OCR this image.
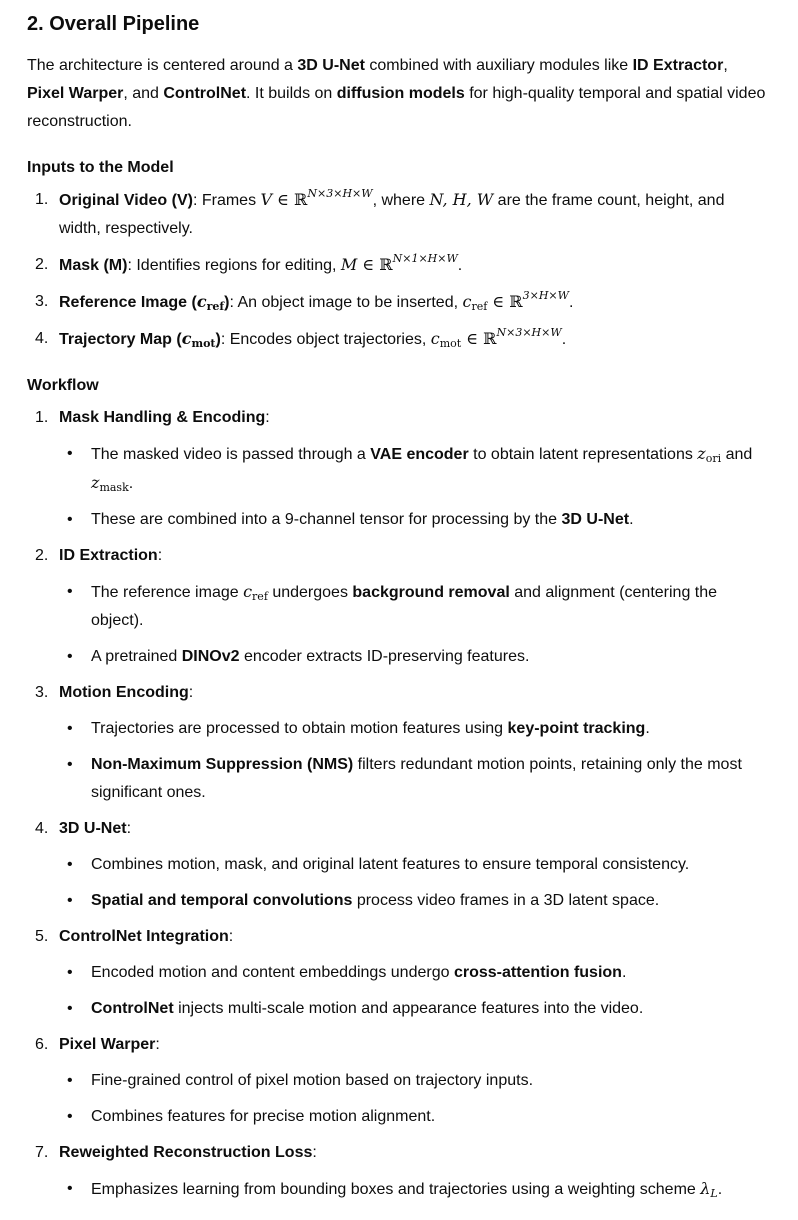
2. Overall Pipeline

The architecture is centered around a 3D U-Net combined with auxiliary modules like ID Extractor, Pixel Warper, and ControlNet. It builds on diffusion models for high-quality temporal and spatial video reconstruction.

Inputs to the Model
1. Original Video (V): Frames V ∈ ℝ$^{N\times 3\times H\times W}$, where N, H, W are the frame count, height, and width, respectively.
2. Mask (M): Identifies regions for editing, M ∈ ℝ$^{N\times 1\times H\times W}$.
3. Reference Image $(c_{ref})$: An object image to be inserted, $c_{ref}$ ∈ ℝ$^{3\times H\times W}$.
4. Trajectory Map $(c_{mot})$: Encodes object trajectories, $c_{mot}$ ∈ ℝ$^{N\times 3\times H\times W}$.
Workflow
1. Mask Handling & Encoding:
• The masked video is passed through a VAE encoder to obtain latent representations $z_{ori}$ and $z_{mask}$.
• These are combined into a 9-channel tensor for processing by the 3D U-Net.
2. ID Extraction:
• The reference image $c_{ref}$ undergoes background removal and alignment (centering the object).
• A pretrained DINOv2 encoder extracts ID-preserving features.
3. Motion Encoding:
• Trajectories are processed to obtain motion features using key-point tracking.
• Non-Maximum Suppression (NMS) filters redundant motion points, retaining only the most significant ones.
4. 3D U-Net:
• Combines motion, mask, and original latent features to ensure temporal consistency.
• Spatial and temporal convolutions process video frames in a 3D latent space.
5. ControlNet Integration:
• Encoded motion and content embeddings undergo cross-attention fusion.
• ControlNet injects multi-scale motion and appearance features into the video.
6. Pixel Warper:
• Fine-grained control of pixel motion based on trajectory inputs.
• Combines features for precise motion alignment.
7. Reweighted Reconstruction Loss:
• Emphasizes learning from bounding boxes and trajectories using a weighting scheme $\lambda_L$.
